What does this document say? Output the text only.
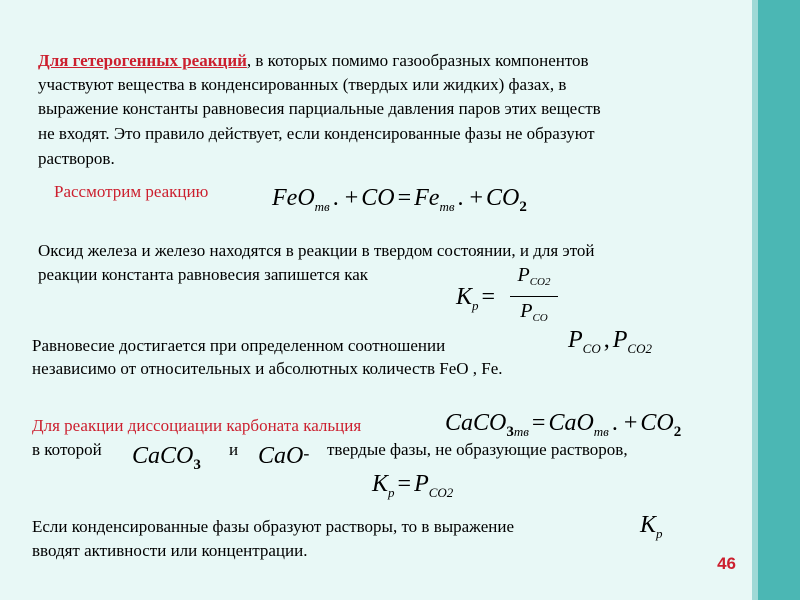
Для гетерогенных реакций, в которых помимо газообразных компонентов
участвуют вещества в конденсированных (твердых или жидких) фазах, в
выражение константы равновесия парциальные давления паров этих веществ
не входят. Это правило действует, если конденсированные фазы не образуют
растворов.
Рассмотрим реакцию	FeO$_{тв}$ . + CO = $Fe_{тв}$ . + $CO_2$
Оксид железа и железо находятся в реакции в твердом состоянии, и для этой
реакции константа равновесия запишется как
$K_p$ =
$P_{CO2}$
$P_{CO}$
Равновесие достигается при определенном соотношении
независимо от относительных и абсолютных количеств FeO , Fe.
$P_{CO}$ , $P_{CO2}$
Для реакции диссоциации карбоната кальция	CaCO$_{3тв}$ = CaO$_{тв}$ . + $CO_2$
в которой CaCO$_3$
и CaO- твердые фазы, не образующие растворов,
$K_p = P_{CO2}$
Если конденсированные фазы образуют растворы, то в выражение
вводят активности или концентрации.
$K_p$
46
